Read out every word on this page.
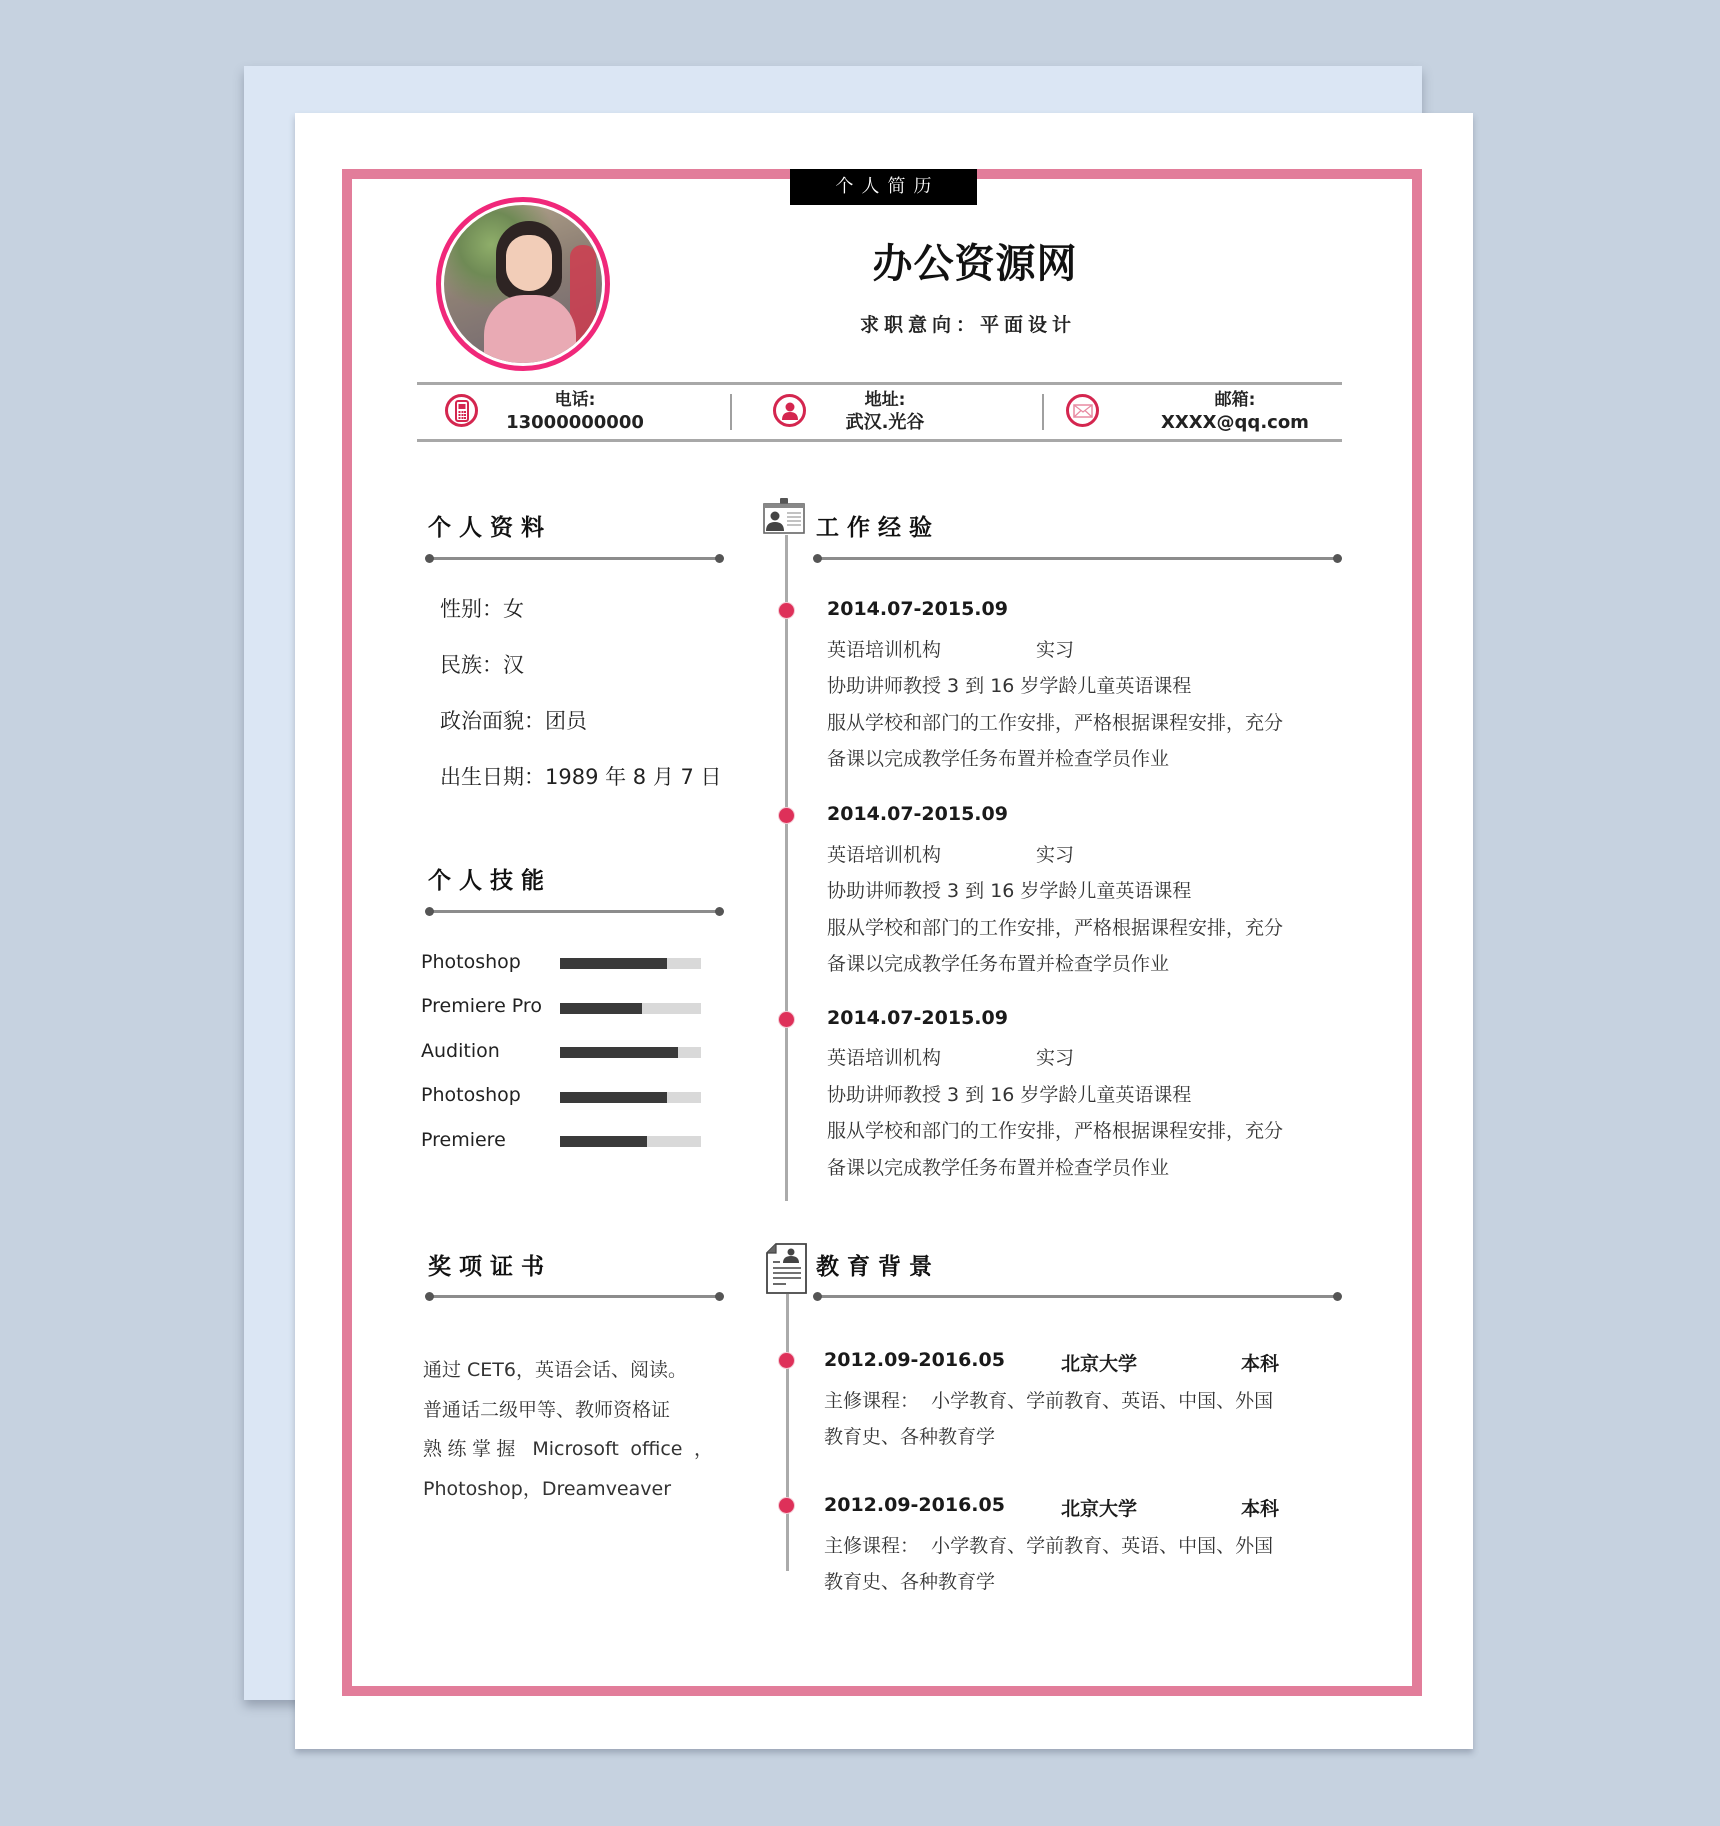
个人简历
办公资源网
求职意向：平面设计
电话:
13000000000
地址:
武汉.光谷
邮箱:
XXXX@qq.com
个人资料
性别：女
民族：汉
政治面貌：团员
出生日期：1989 年 8 月 7 日
个人技能
Photoshop
Premiere Pro
Audition
Photoshop
Premiere
奖项证书
通过 CET6，英语会话、阅读。
普通话二级甲等、教师资格证
熟练掌握 Microsoft office ，
Photoshop，Dreamveaver
工作经验
2014.07-2015.09
英语培训机构	实习
协助讲师教授 3 到 16 岁学龄儿童英语课程
服从学校和部门的工作安排，严格根据课程安排，充分
备课以完成教学任务布置并检查学员作业
2014.07-2015.09
英语培训机构	实习
协助讲师教授 3 到 16 岁学龄儿童英语课程
服从学校和部门的工作安排，严格根据课程安排，充分
备课以完成教学任务布置并检查学员作业
2014.07-2015.09
英语培训机构	实习
协助讲师教授 3 到 16 岁学龄儿童英语课程
服从学校和部门的工作安排，严格根据课程安排，充分
备课以完成教学任务布置并检查学员作业
教育背景
2012.09-2016.05	北京大学	本科
主修课程：  小学教育、学前教育、英语、中国、外国
教育史、各种教育学
2012.09-2016.05	北京大学	本科
主修课程：  小学教育、学前教育、英语、中国、外国
教育史、各种教育学
